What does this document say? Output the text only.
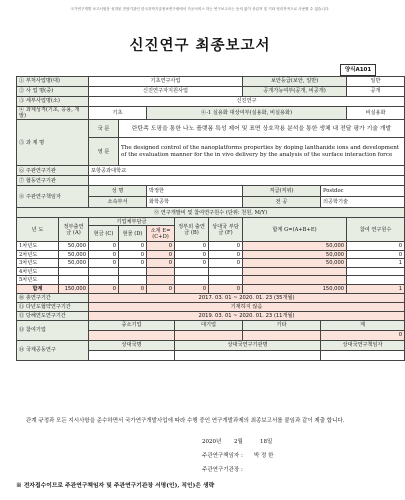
국가연구개발 보고서원문 성과물 전담기관인 한국과학기술정보연구원에서 가공서비스 하는 연구보고서는 동의 없이 상업적 및 기타 영리목적으로 사용할 수 없습니다.
신진연구 최종보고서
양식A101
① 부처사업명(대)		기초연구사업					보안등급(보안, 일반)		일반
② 사 업 명(중)		신진연구자지원사업					공개가능여부(공개, 비공개)		공개
③ 세부사업명(소)		신진연구							
④ 과제성격(기초, 응용, 개발)		기초		④-1 실용화 대상여부(실용화, 비실용화)					비실용화
⑤ 과 제 명		국 문	란탄족 도핑을 통한 나노 플랫폼 특성 제어 및 표면 상호작용 분석을 통한 생체 내 전달 평가 기술 개발						
		영 문	The designed control of the nanoplatforms properties by doping lanthanide ions and development of the evaluation manner for the in vivo delivery by the analysis of the surface interaction force						
⑥ 주관연구기관		포항공과대학교							
⑦ 협동연구기관									
⑧ 주관연구책임자		성 명		박정한			직급(직위)	Postdoc	
		소속부서		화학공학			전 공	의공학기술	
⑨ 연구개발비 및 참여연구원수 (단위: 천원, M/Y)									
년 도	정부출연금 (A)	기업체부담금			정부외 출연금 (B)	상대국 부담금 (F)	합계 G=(A+B+E)		참여 연구원수
		현금 (C)	현물 (D)	소계 E=(C+D)					
1차년도	50,000	0	0	0	0	0	50,000		0
2차년도	50,000	0	0	0	0	0	50,000		0
3차년도	50,000	0	0	0	0	0	50,000		1
4차년도									
5차년도									
합계	150,000	0	0	0	0	0	150,000		1
⑩ 총연구기간		2017. 03. 01 ~ 2020. 01. 23 (35개월)							
⑪ 다년도협약연구기간		기재하지 않음							
⑫ 당해연도연구기간		2019. 03. 01 ~ 2020. 01. 23 (11개월)							
⑬ 참여기업		중소기업			대기업		기타	계	
								0	
⑭ 국제공동연구		상대국명			상대국연구기관명			상대국연구책임자	

관계 규정과 모든 지시사항을 준수하면서 국가연구개발사업에 따라 수행 중인 연구개발과제의 최종보고서를 붙임과 같이 제출 합니다.
2020년 2월	18일
주관연구책임자 : 박 정 한
주관연구기관장 :
※ 전자접수이므로 주관연구책임자 및 주관연구기관장 서명(인), 직인)은 생략
